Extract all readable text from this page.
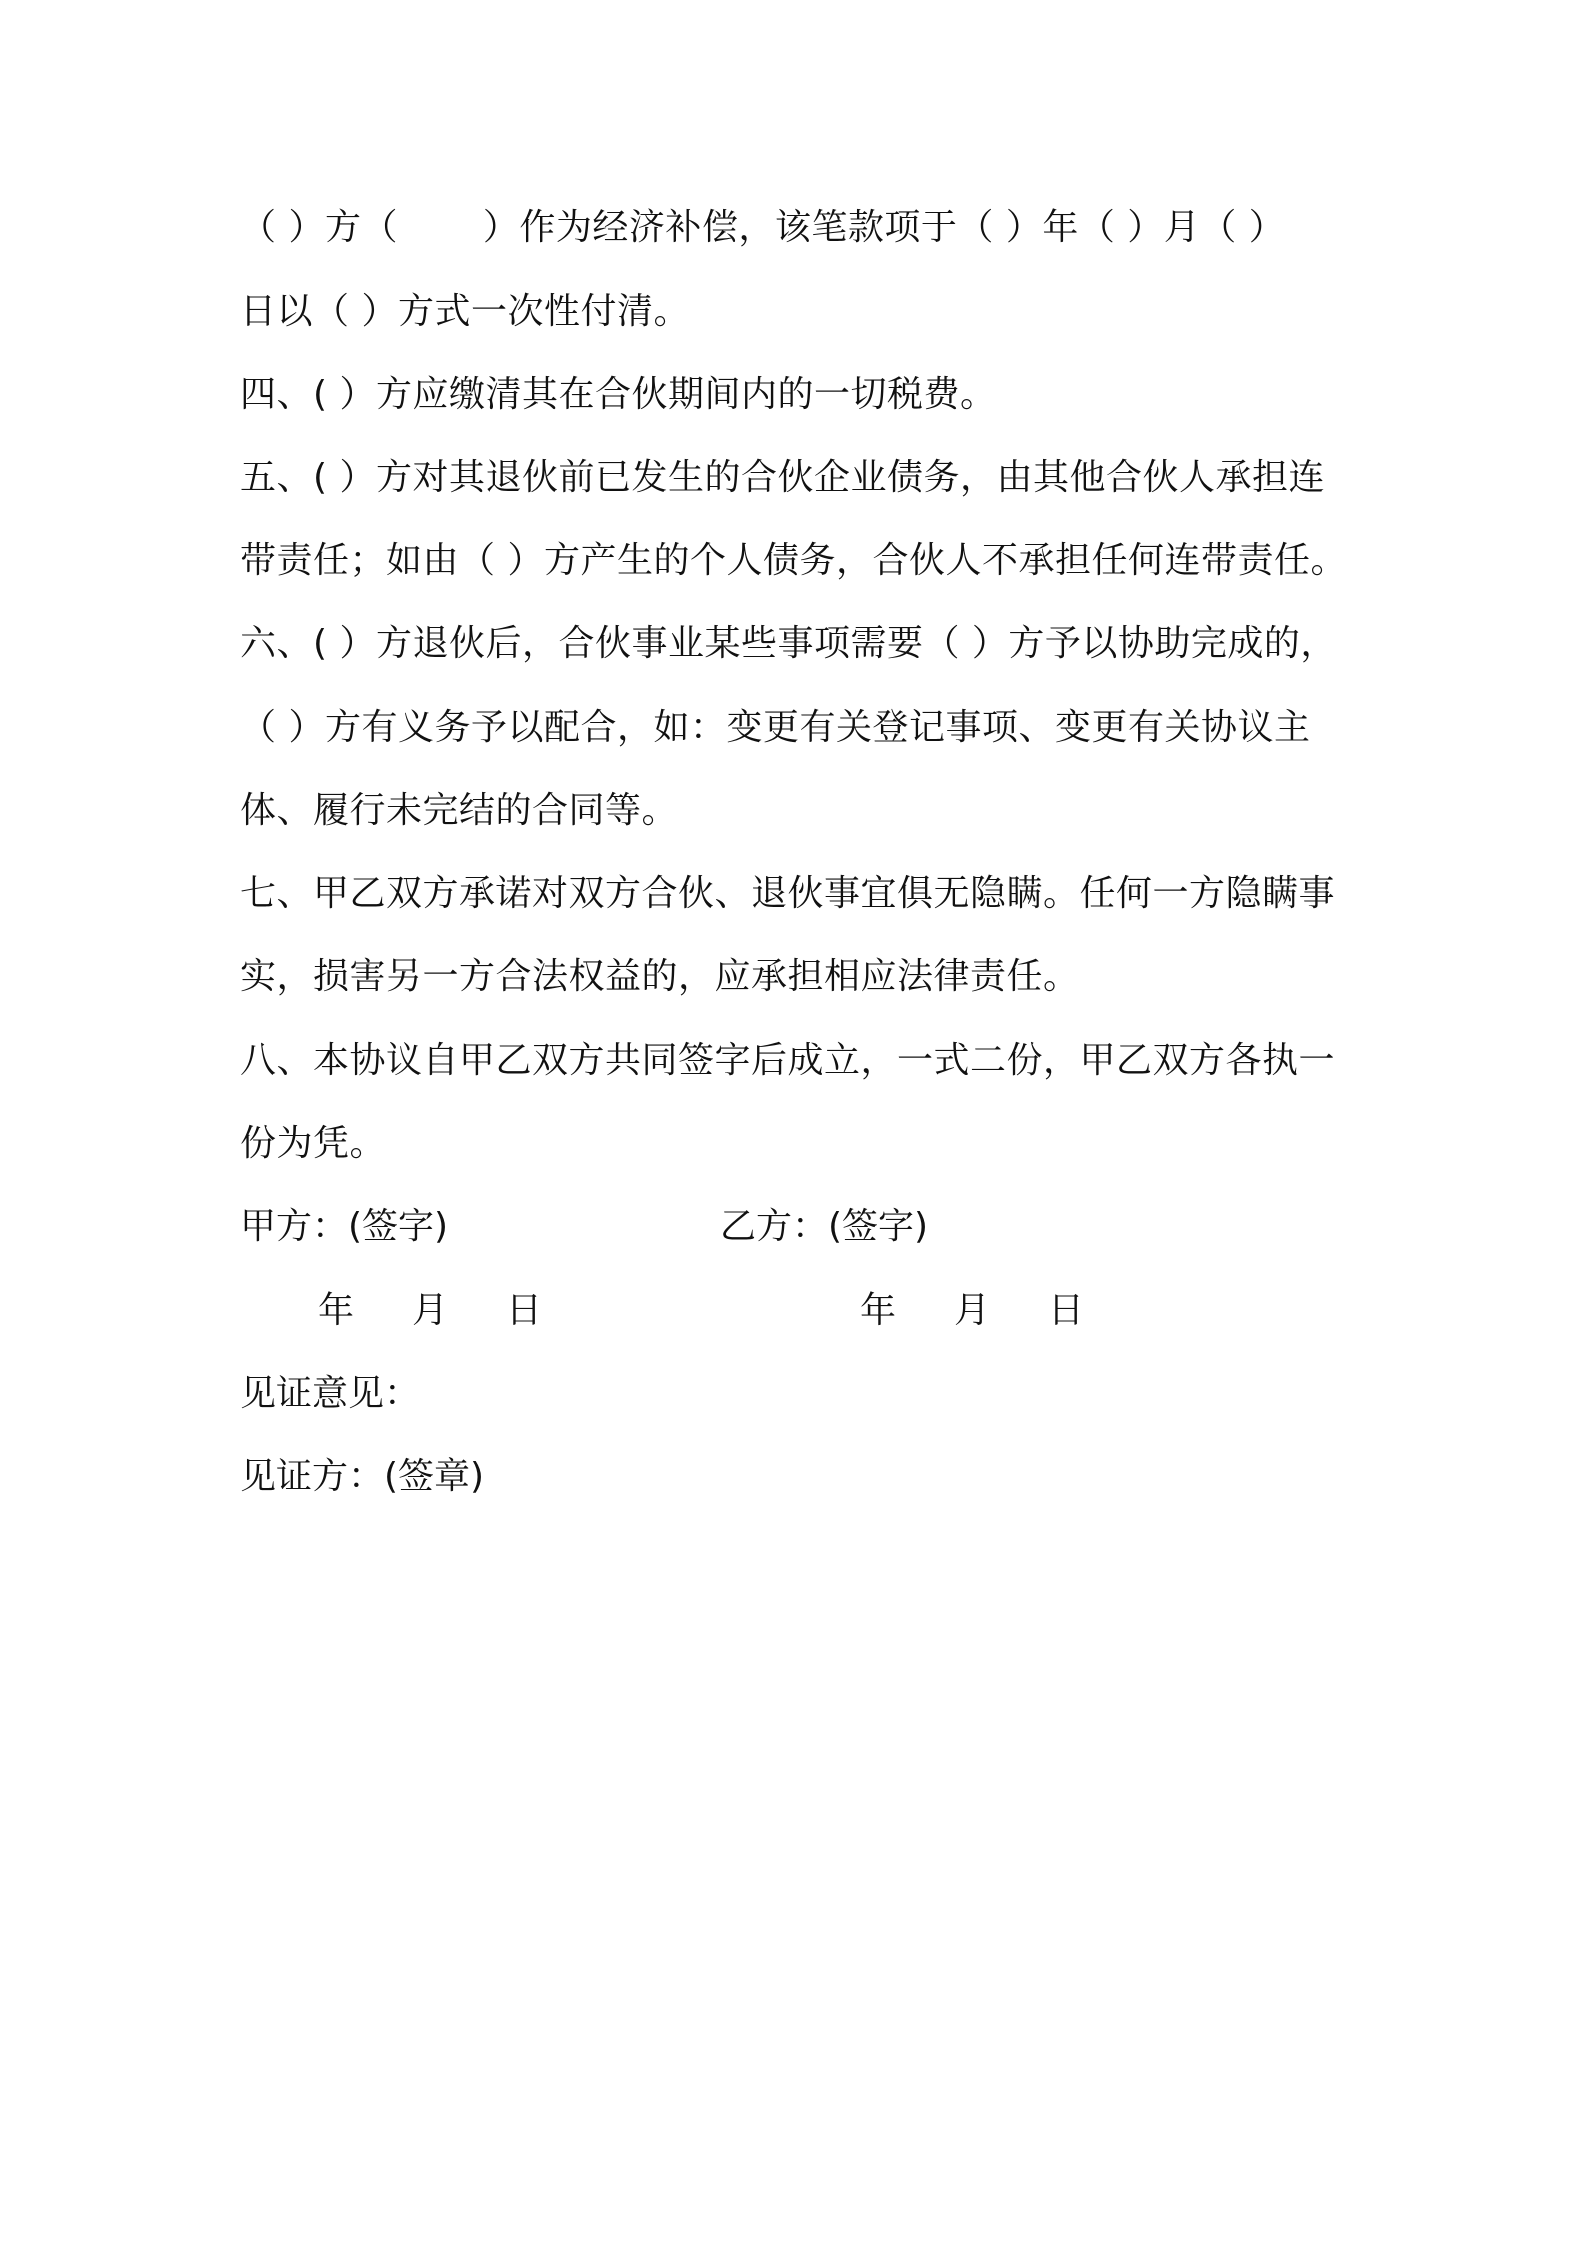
（ ）方（　　 ）作为经济补偿，该笔款项于（ ）年（ ）月（ ）
日以（ ）方式一次性付清。
四、( ）方应缴清其在合伙期间内的一切税费。
五、( ）方对其退伙前已发生的合伙企业债务，由其他合伙人承担连
带责任；如由（ ）方产生的个人债务，合伙人不承担任何连带责任。
六、( ）方退伙后，合伙事业某些事项需要（ ）方予以协助完成的，
（ ）方有义务予以配合，如：变更有关登记事项、变更有关协议主
体、履行未完结的合同等。
七、甲乙双方承诺对双方合伙、退伙事宜俱无隐瞒。任何一方隐瞒事
实，损害另一方合法权益的，应承担相应法律责任。
八、本协议自甲乙双方共同签字后成立，一式二份，甲乙双方各执一
份为凭。
甲方：(签字)	乙方：(签字)
年 月 日	年 月 日
见证意见：
见证方：(签章)
